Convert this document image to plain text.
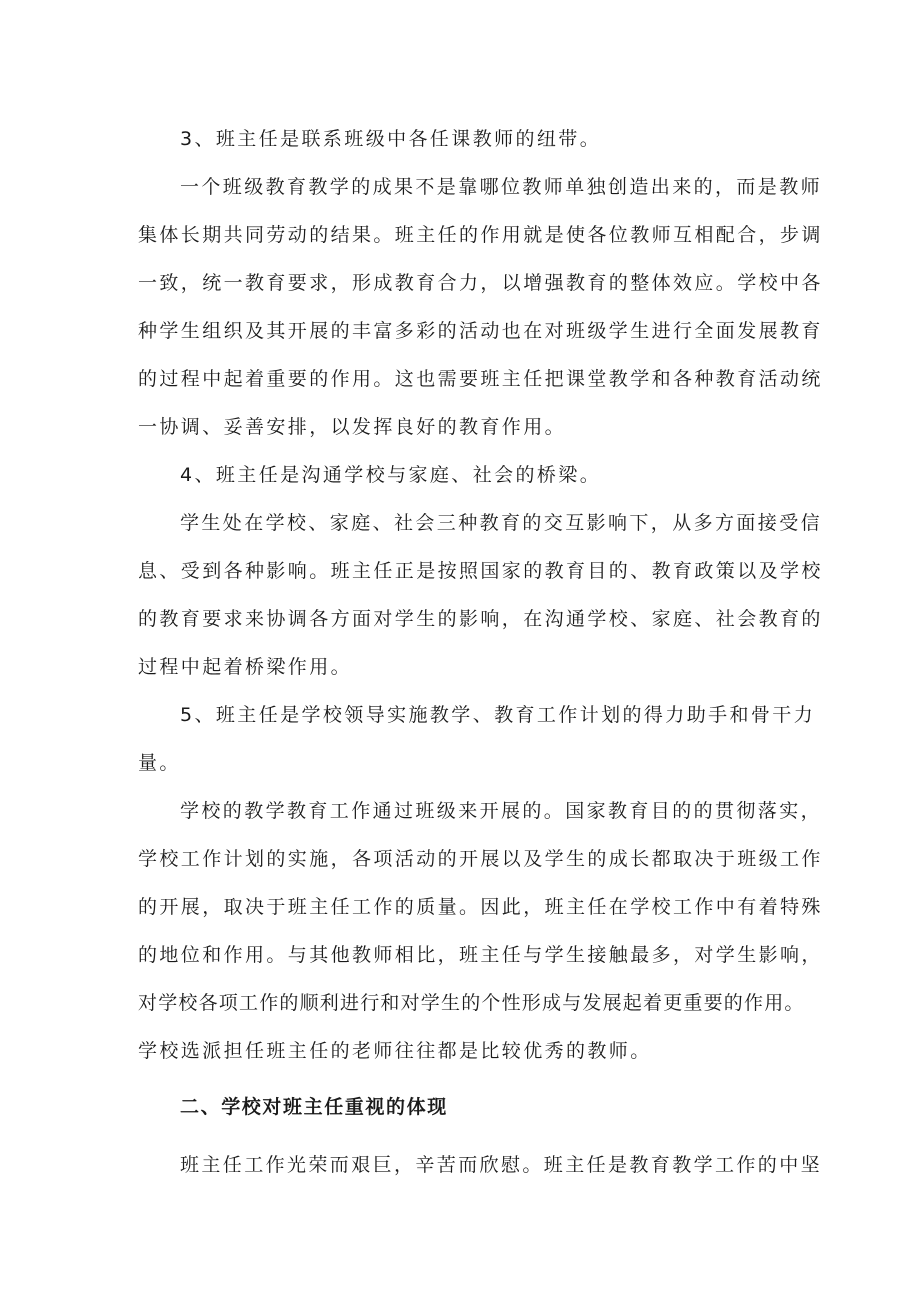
3、班主任是联系班级中各任课教师的纽带。
一个班级教育教学的成果不是靠哪位教师单独创造出来的，而是教师
集体长期共同劳动的结果。班主任的作用就是使各位教师互相配合，步调
一致，统一教育要求，形成教育合力，以增强教育的整体效应。学校中各
种学生组织及其开展的丰富多彩的活动也在对班级学生进行全面发展教育
的过程中起着重要的作用。这也需要班主任把课堂教学和各种教育活动统
一协调、妥善安排，以发挥良好的教育作用。
4、班主任是沟通学校与家庭、社会的桥梁。
学生处在学校、家庭、社会三种教育的交互影响下，从多方面接受信
息、受到各种影响。班主任正是按照国家的教育目的、教育政策以及学校
的教育要求来协调各方面对学生的影响，在沟通学校、家庭、社会教育的
过程中起着桥梁作用。
5、班主任是学校领导实施教学、教育工作计划的得力助手和骨干力
量。
学校的教学教育工作通过班级来开展的。国家教育目的的贯彻落实，
学校工作计划的实施，各项活动的开展以及学生的成长都取决于班级工作
的开展，取决于班主任工作的质量。因此，班主任在学校工作中有着特殊
的地位和作用。与其他教师相比，班主任与学生接触最多，对学生影响，
对学校各项工作的顺利进行和对学生的个性形成与发展起着更重要的作用。
学校选派担任班主任的老师往往都是比较优秀的教师。
二、学校对班主任重视的体现
班主任工作光荣而艰巨，辛苦而欣慰。班主任是教育教学工作的中坚
